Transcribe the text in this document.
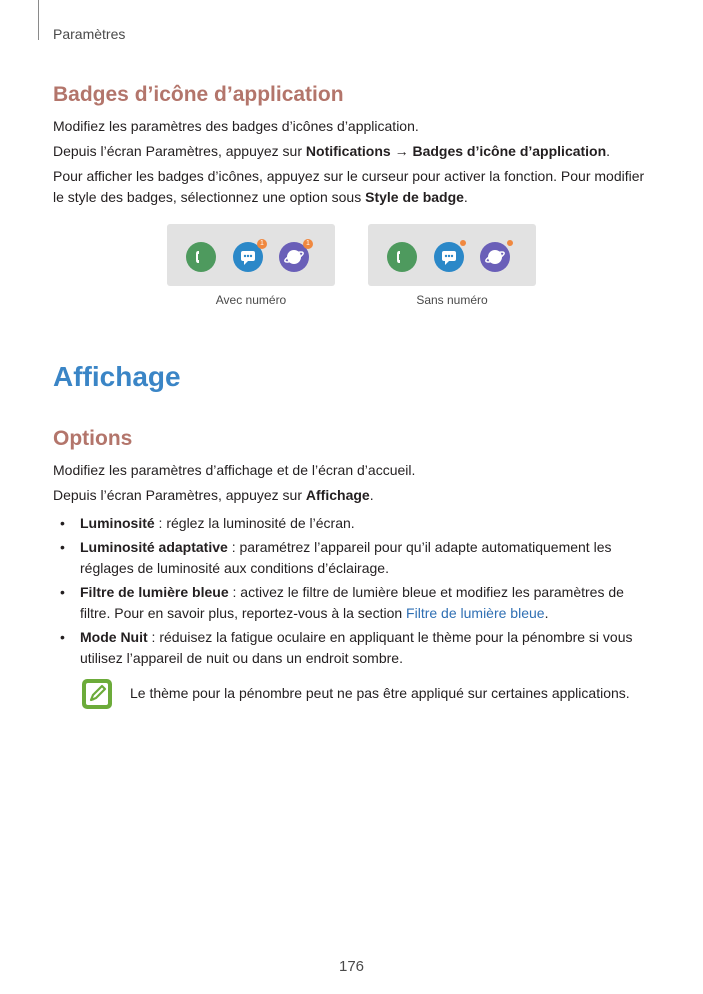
Paramètres
Badges d’icône d’application

Modifiez les paramètres des badges d’icônes d’application.

Depuis l’écran Paramètres, appuyez sur Notifications → Badges d’icône d’application.

Pour afficher les badges d’icônes, appuyez sur le curseur pour activer la fonction. Pour modifier le style des badges, sélectionnez une option sous Style de badge.

1	1
Avec numéro	Sans numéro
Affichage
Options

Modifiez les paramètres d’affichage et de l’écran d’accueil.

Depuis l’écran Paramètres, appuyez sur Affichage.

• Luminosité : réglez la luminosité de l’écran.
• Luminosité adaptative : paramétrez l’appareil pour qu’il adapte automatiquement les réglages de luminosité aux conditions d’éclairage.
• Filtre de lumière bleue : activez le filtre de lumière bleue et modifiez les paramètres de filtre. Pour en savoir plus, reportez-vous à la section Filtre de lumière bleue.
• Mode Nuit : réduisez la fatigue oculaire en appliquant le thème pour la pénombre si vous utilisez l’appareil de nuit ou dans un endroit sombre.
Le thème pour la pénombre peut ne pas être appliqué sur certaines applications.
176
